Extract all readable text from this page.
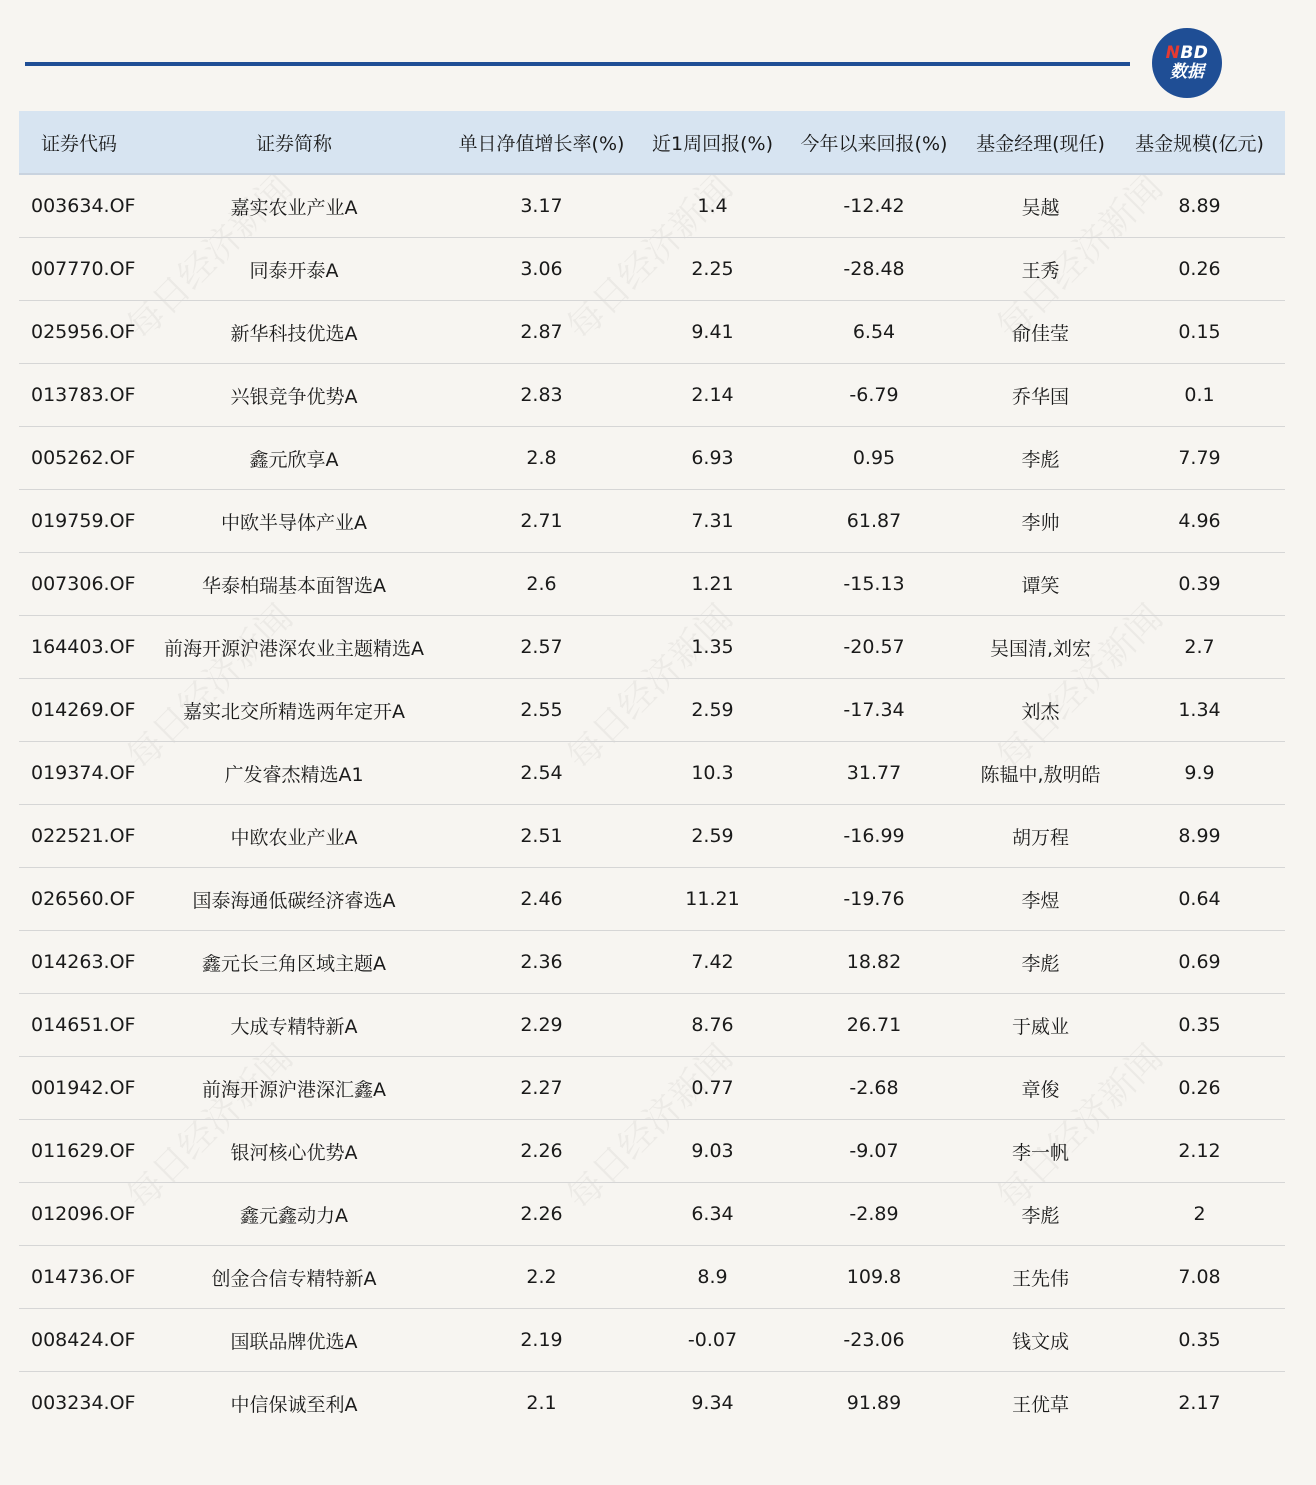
NBD
数据
证券代码	证券简称	单日净值增长率(%)	近1周回报(%)	今年以来回报(%)	基金经理(现任)	基金规模(亿元)
003634.OF	嘉实农业产业A	3.17	1.4	-12.42	吴越	8.89
007770.OF	同泰开泰A	3.06	2.25	-28.48	王秀	0.26
025956.OF	新华科技优选A	2.87	9.41	6.54	俞佳莹	0.15
013783.OF	兴银竞争优势A	2.83	2.14	-6.79	乔华国	0.1
005262.OF	鑫元欣享A	2.8	6.93	0.95	李彪	7.79
019759.OF	中欧半导体产业A	2.71	7.31	61.87	李帅	4.96
007306.OF	华泰柏瑞基本面智选A	2.6	1.21	-15.13	谭笑	0.39
164403.OF	前海开源沪港深农业主题精选A	2.57	1.35	-20.57	吴国清,刘宏	2.7
014269.OF	嘉实北交所精选两年定开A	2.55	2.59	-17.34	刘杰	1.34
019374.OF	广发睿杰精选A1	2.54	10.3	31.77	陈韫中,敖明皓	9.9
022521.OF	中欧农业产业A	2.51	2.59	-16.99	胡万程	8.99
026560.OF	国泰海通低碳经济睿选A	2.46	11.21	-19.76	李煜	0.64
014263.OF	鑫元长三角区域主题A	2.36	7.42	18.82	李彪	0.69
014651.OF	大成专精特新A	2.29	8.76	26.71	于威业	0.35
001942.OF	前海开源沪港深汇鑫A	2.27	0.77	-2.68	章俊	0.26
011629.OF	银河核心优势A	2.26	9.03	-9.07	李一帆	2.12
012096.OF	鑫元鑫动力A	2.26	6.34	-2.89	李彪	2
014736.OF	创金合信专精特新A	2.2	8.9	109.8	王先伟	7.08
008424.OF	国联品牌优选A	2.19	-0.07	-23.06	钱文成	0.35
003234.OF	中信保诚至利A	2.1	9.34	91.89	王优草	2.17
